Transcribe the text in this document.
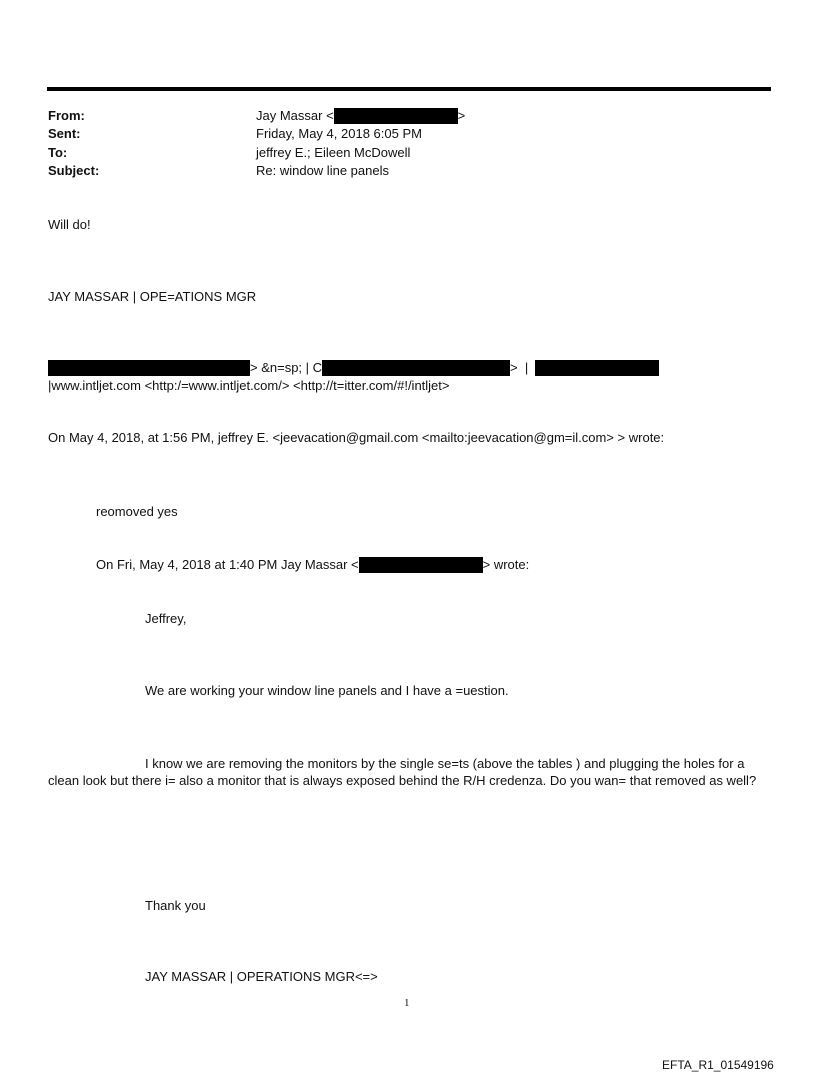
From:	Jay Massar <	>
Sent:	Friday, May 4, 2018 6:05 PM
To:	jeffrey E.; Eileen McDowell
Subject:	Re: window line panels
Will do!
JAY MASSAR | OPE=ATIONS MGR
> &n=sp; | C	> |
|www.intljet.com <http:/=www.intljet.com/> <http://t=itter.com/#!/intljet>
On May 4, 2018, at 1:56 PM, jeffrey E. <jeevacation@gmail.com <mailto:jeevacation@gm=il.com> > wrote:
reomoved yes
On Fri, May 4, 2018 at 1:40 PM Jay Massar <	> wrote:
Jeffrey,
We are working your window line panels and I have a =uestion.
I know we are removing the monitors by the single se=ts (above the tables ) and plugging the holes for a clean look but there i= also a monitor that is always exposed behind the R/H credenza. Do you wan= that removed as well?
Thank you
JAY MASSAR | OPERATIONS MGR<=>
1
EFTA_R1_01549196
